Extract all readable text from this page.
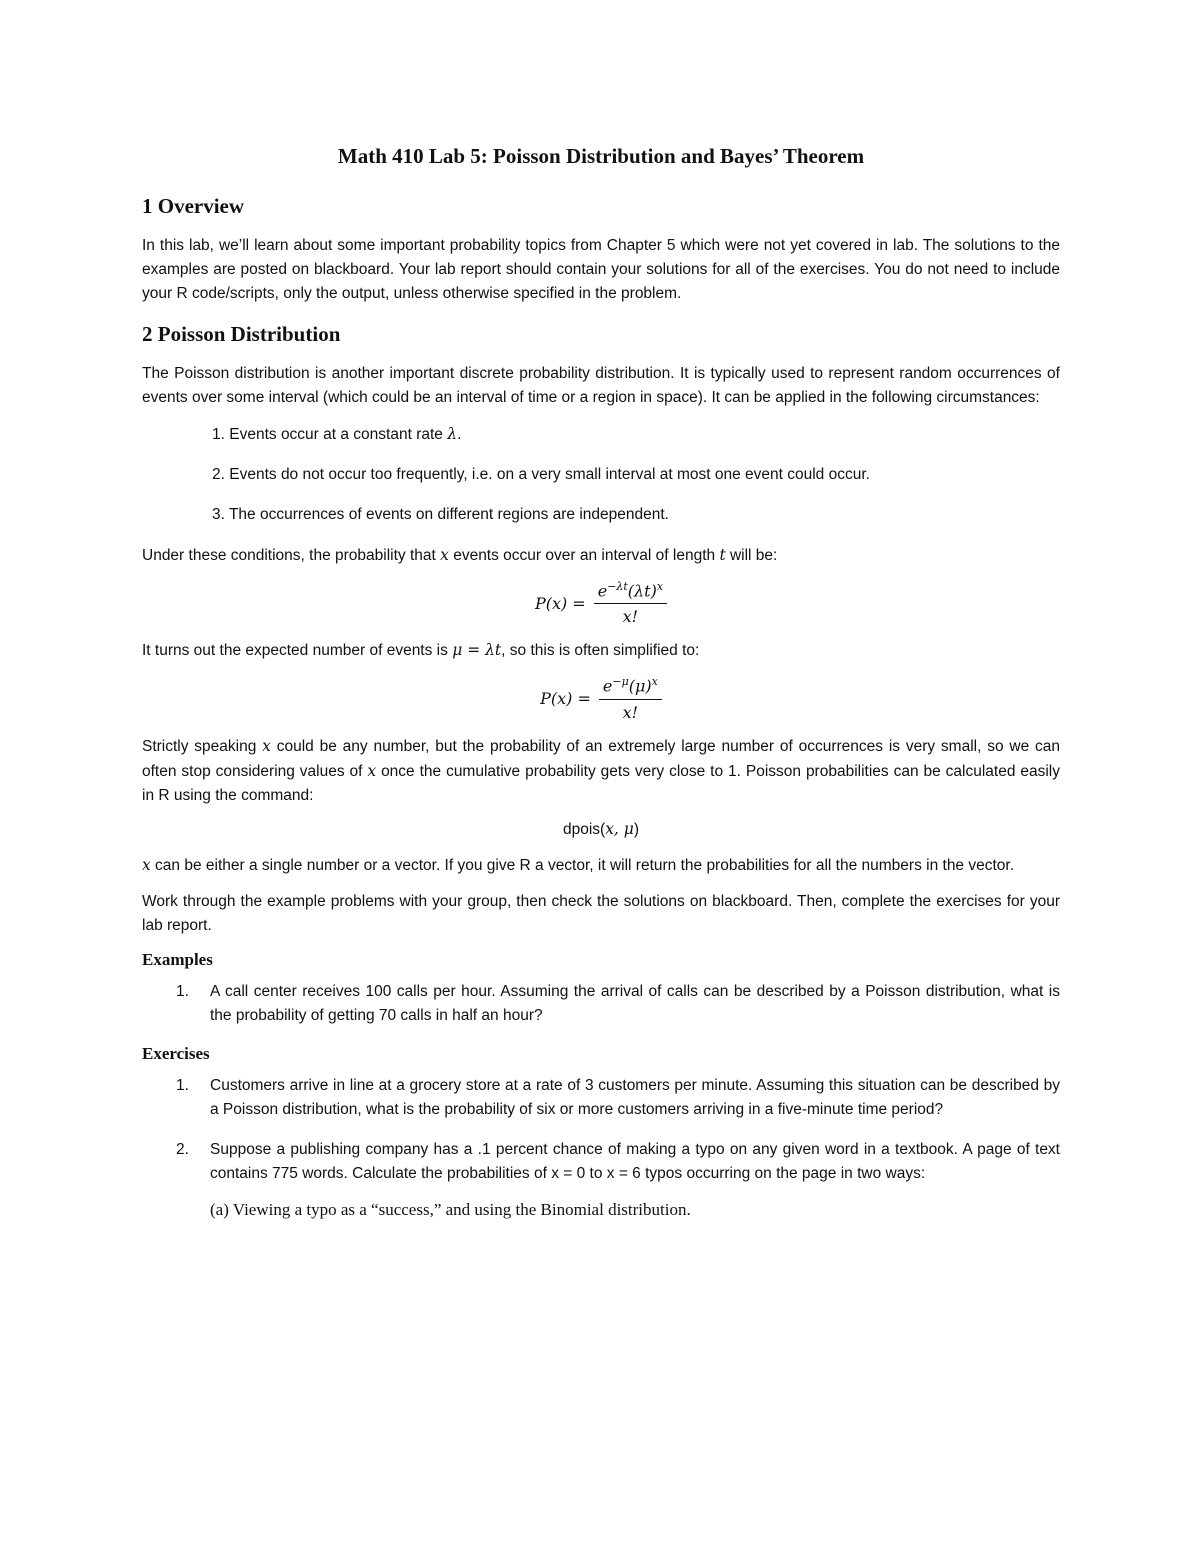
Math 410 Lab 5: Poisson Distribution and Bayes’ Theorem
1 Overview

In this lab, we’ll learn about some important probability topics from Chapter 5 which were not yet covered in lab. The solutions to the examples are posted on blackboard. Your lab report should contain your solutions for all of the exercises. You do not need to include your R code/scripts, only the output, unless otherwise specified in the problem.

2 Poisson Distribution

The Poisson distribution is another important discrete probability distribution. It is typically used to represent random occurrences of events over some interval (which could be an interval of time or a region in space). It can be applied in the following circumstances:

1. Events occur at a constant rate λ.
2. Events do not occur too frequently, i.e. on a very small interval at most one event could occur.
3. The occurrences of events on different regions are independent.

Under these conditions, the probability that x events occur over an interval of length t will be:

$P(x) = \frac{e^{-\lambda t}(\lambda t)^x}{x!}$

It turns out the expected number of events is μ = λt, so this is often simplified to:

$P(x) = \frac{e^{-\mu}(\mu)^x}{x!}$

Strictly speaking x could be any number, but the probability of an extremely large number of occurrences is very small, so we can often stop considering values of x once the cumulative probability gets very close to 1. Poisson probabilities can be calculated easily in R using the command:

dpois(x, μ)

x can be either a single number or a vector. If you give R a vector, it will return the probabilities for all the numbers in the vector.

Work through the example problems with your group, then check the solutions on blackboard. Then, complete the exercises for your lab report.

Examples
1.	A call center receives 100 calls per hour. Assuming the arrival of calls can be described by a Poisson distribution, what is the probability of getting 70 calls in half an hour?
Exercises
1.	Customers arrive in line at a grocery store at a rate of 3 customers per minute. Assuming this situation can be described by a Poisson distribution, what is the probability of six or more customers arriving in a five-minute time period?
2.	Suppose a publishing company has a .1 percent chance of making a typo on any given word in a textbook. A page of text contains 775 words. Calculate the probabilities of x = 0 to x = 6 typos occurring on the page in two ways:
(a) Viewing a typo as a “success,” and using the Binomial distribution.
